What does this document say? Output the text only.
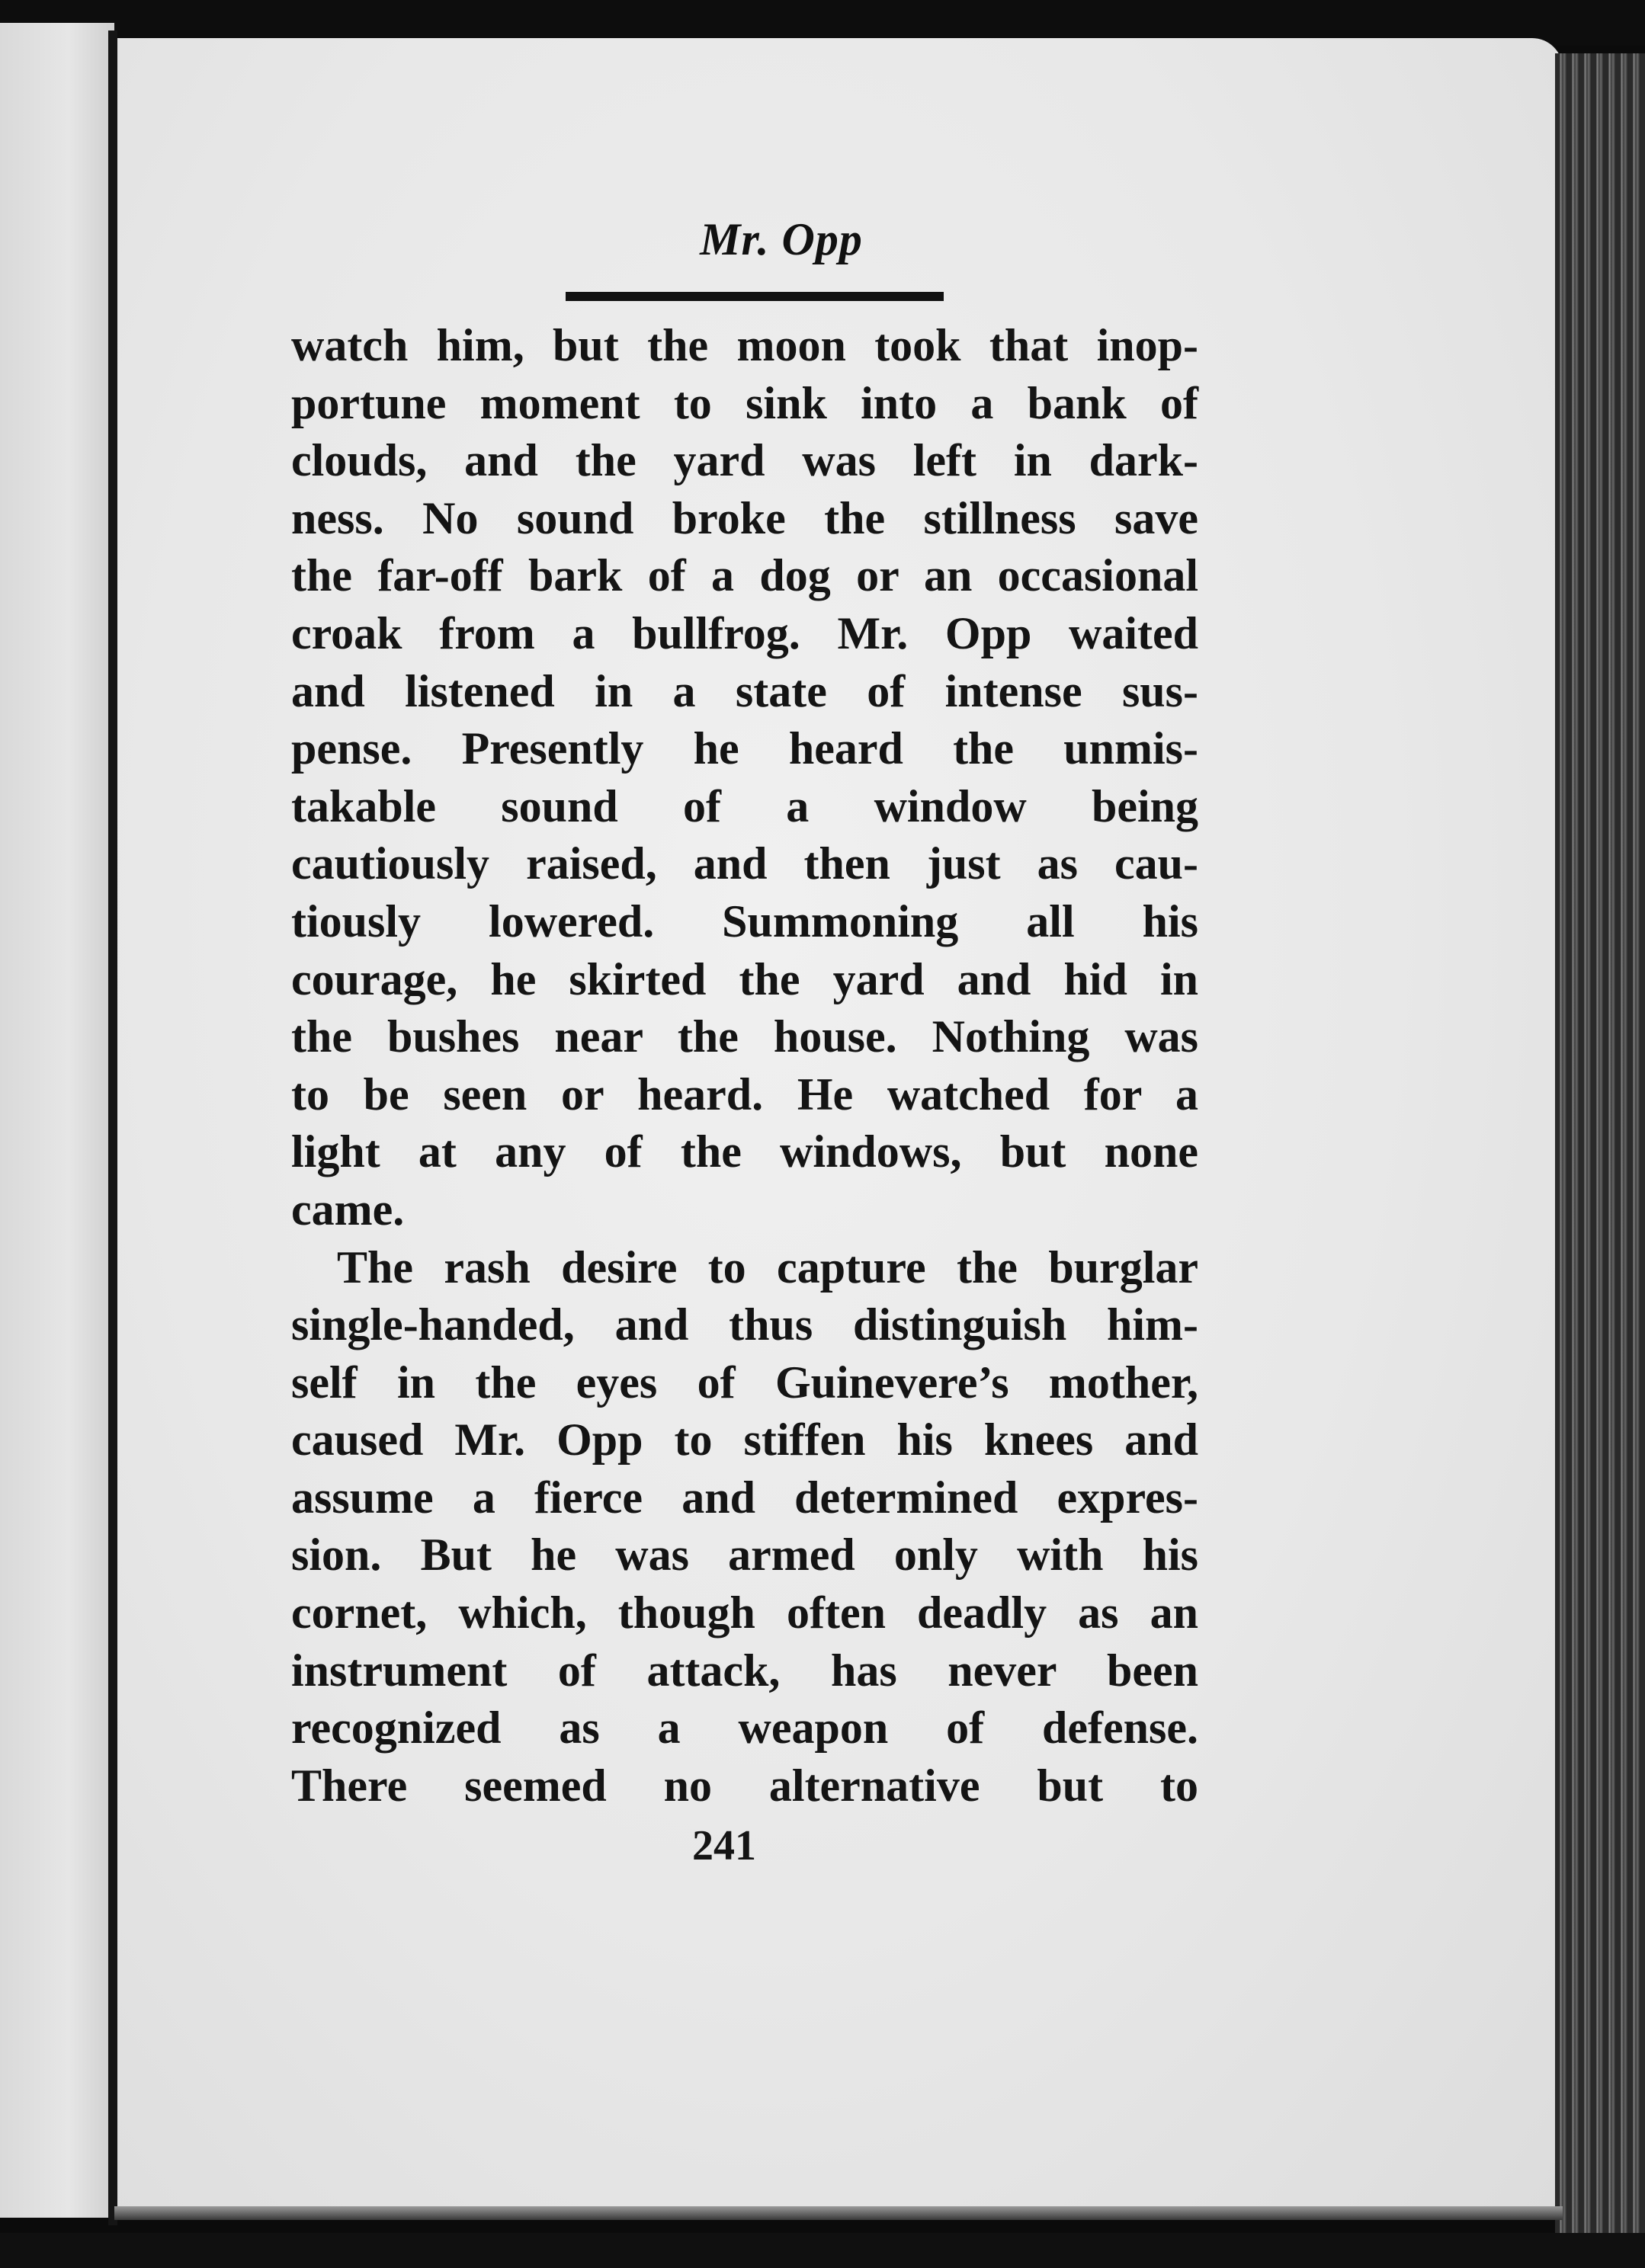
Mr. Opp
watch him, but the moon took that inop-
portune moment to sink into a bank of
clouds, and the yard was left in dark-
ness. No sound broke the stillness save
the far-off bark of a dog or an occasional
croak from a bullfrog. Mr. Opp waited
and listened in a state of intense sus-
pense. Presently he heard the unmis-
takable sound of a window being
cautiously raised, and then just as cau-
tiously lowered. Summoning all his
courage, he skirted the yard and hid in
the bushes near the house. Nothing was
to be seen or heard. He watched for a
light at any of the windows, but none
came.
The rash desire to capture the burglar
single-handed, and thus distinguish him-
self in the eyes of Guinevere’s mother,
caused Mr. Opp to stiffen his knees and
assume a fierce and determined expres-
sion. But he was armed only with his
cornet, which, though often deadly as an
instrument of attack, has never been
recognized as a weapon of defense.
There seemed no alternative but to
241
